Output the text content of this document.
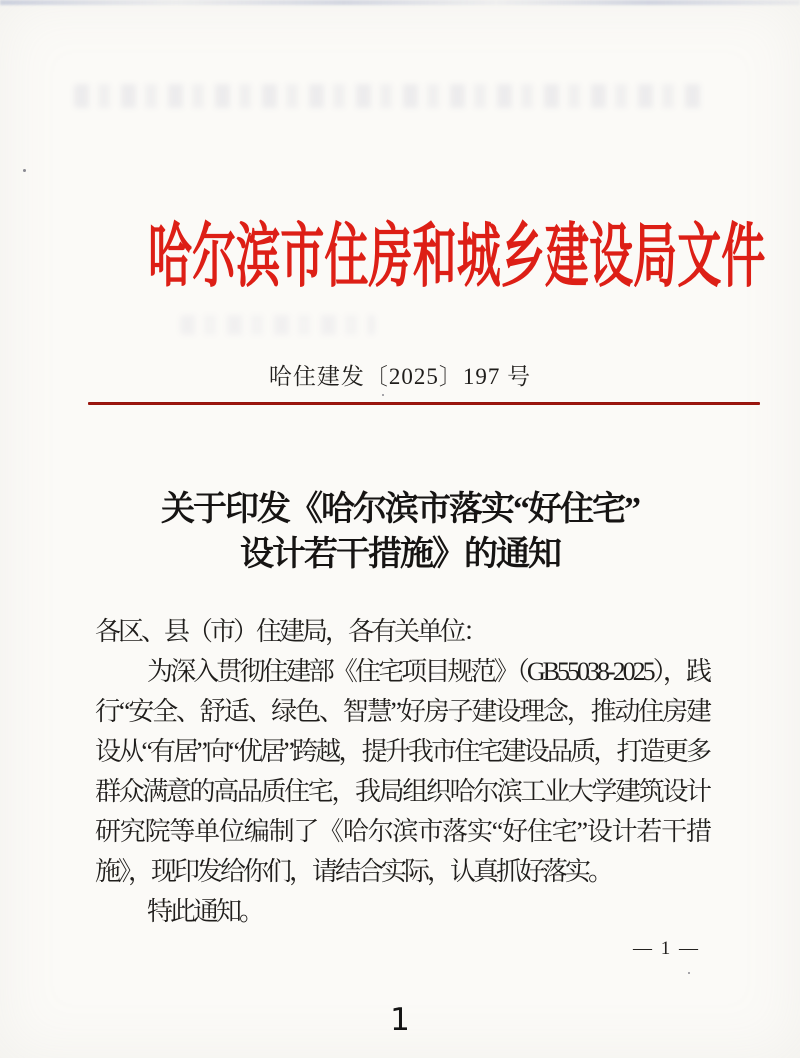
哈尔滨市住房和城乡建设局文件
哈住建发〔2025〕197 号
关于印发《哈尔滨市落实“好住宅”
设计若干措施》的通知

各区、县（市）住建局，各有关单位：

为深入贯彻住建部《住宅项目规范》（GB55038-2025），践行“安全、舒适、绿色、智慧”好房子建设理念，推动住房建设从“有居”向“优居”跨越，提升我市住宅建设品质，打造更多群众满意的高品质住宅，我局组织哈尔滨工业大学建筑设计研究院等单位编制了《哈尔滨市落实“好住宅”设计若干措施》，现印发给你们，请结合实际，认真抓好落实。

特此通知。

— 1 —
1
